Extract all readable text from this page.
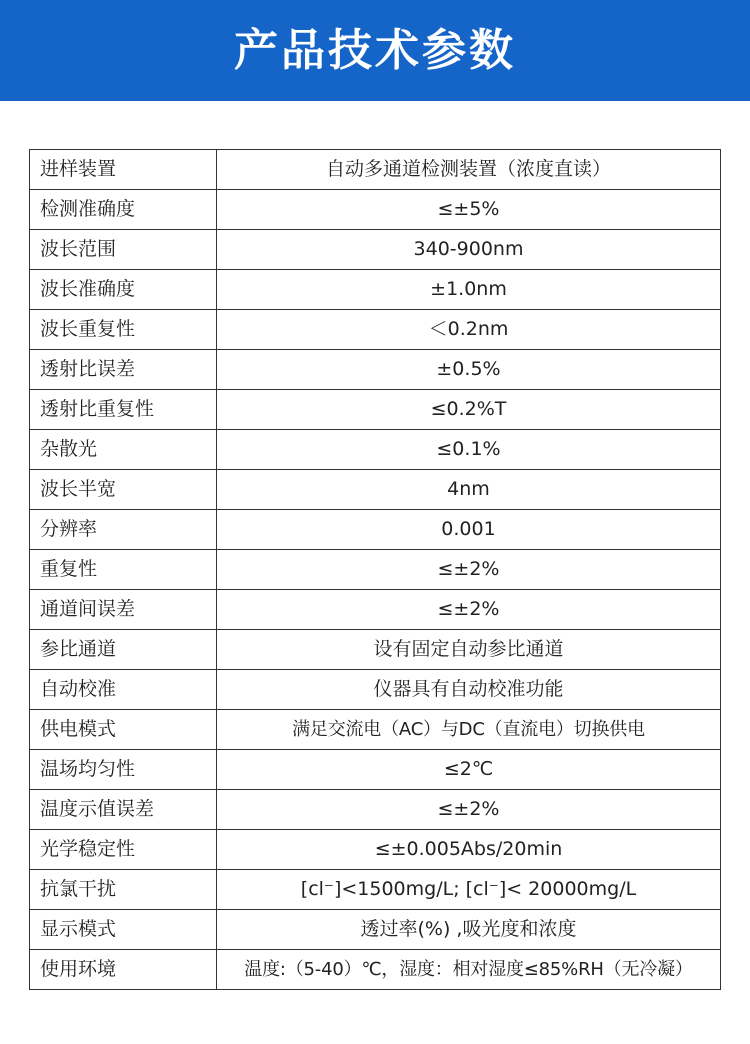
产品技术参数
进样装置	自动多通道检测装置（浓度直读）
检测准确度	≤±5%
波长范围	340-900nm
波长准确度	±1.0nm
波长重复性	＜0.2nm
透射比误差	±0.5%
透射比重复性	≤0.2%T
杂散光	≤0.1%
波长半宽	4nm
分辨率	0.001
重复性	≤±2%
通道间误差	≤±2%
参比通道	设有固定自动参比通道
自动校准	仪器具有自动校准功能
供电模式	满足交流电（AC）与DC（直流电）切换供电
温场均匀性	≤2℃
温度示值误差	≤±2%
光学稳定性	≤±0.005Abs/20min
抗氯干扰	[cl⁻]<1500mg/L; [cl⁻]< 20000mg/L
显示模式	透过率(%) ,吸光度和浓度
使用环境	温度:（5-40）℃，湿度：相对湿度≤85%RH（无冷凝）
